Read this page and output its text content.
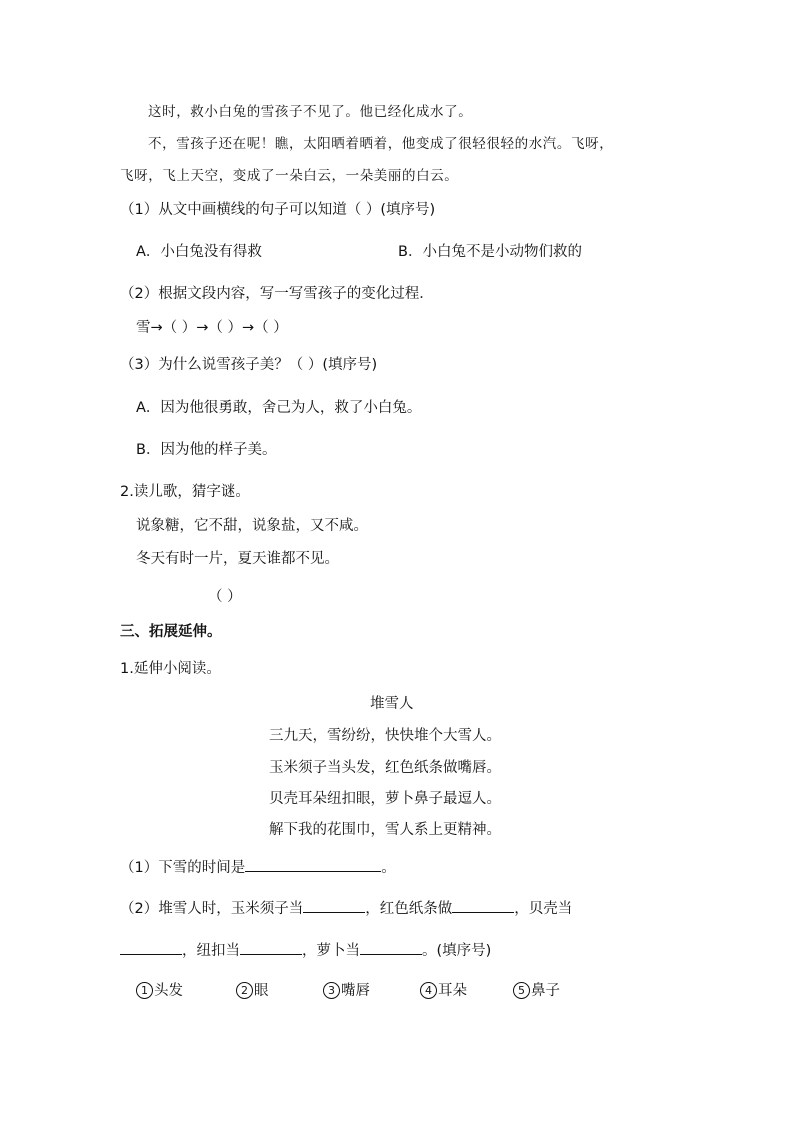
这时，救小白兔的雪孩子不见了。他已经化成水了。
不，雪孩子还在呢！瞧，太阳晒着晒着，他变成了很轻很轻的水汽。飞呀，
飞呀，飞上天空，变成了一朵白云，一朵美丽的白云。
（1）从文中画横线的句子可以知道（ ）(填序号)
A．小白兔没有得救	B．小白兔不是小动物们救的
（2）根据文段内容，写一写雪孩子的变化过程．
雪→（ ）→（ ）→（ ）
（3）为什么说雪孩子美？（ ）(填序号)
A．因为他很勇敢，舍己为人，救了小白兔。
B．因为他的样子美。
2.读儿歌，猜字谜。
说象糖，它不甜，说象盐，又不咸。
冬天有时一片，夏天谁都不见。
（ ）
三、拓展延伸。
1.延伸小阅读。
堆雪人
三九天，雪纷纷，快快堆个大雪人。
玉米须子当头发，红色纸条做嘴唇。
贝壳耳朵纽扣眼，萝卜鼻子最逗人。
解下我的花围巾，雪人系上更精神。
（1）下雪的时间是	。
（2）堆雪人时，玉米须子当	，红色纸条做	，贝壳当
，纽扣当	，萝卜当	。(填序号)
1 头发	2 眼	3 嘴唇	4 耳朵	5 鼻子
